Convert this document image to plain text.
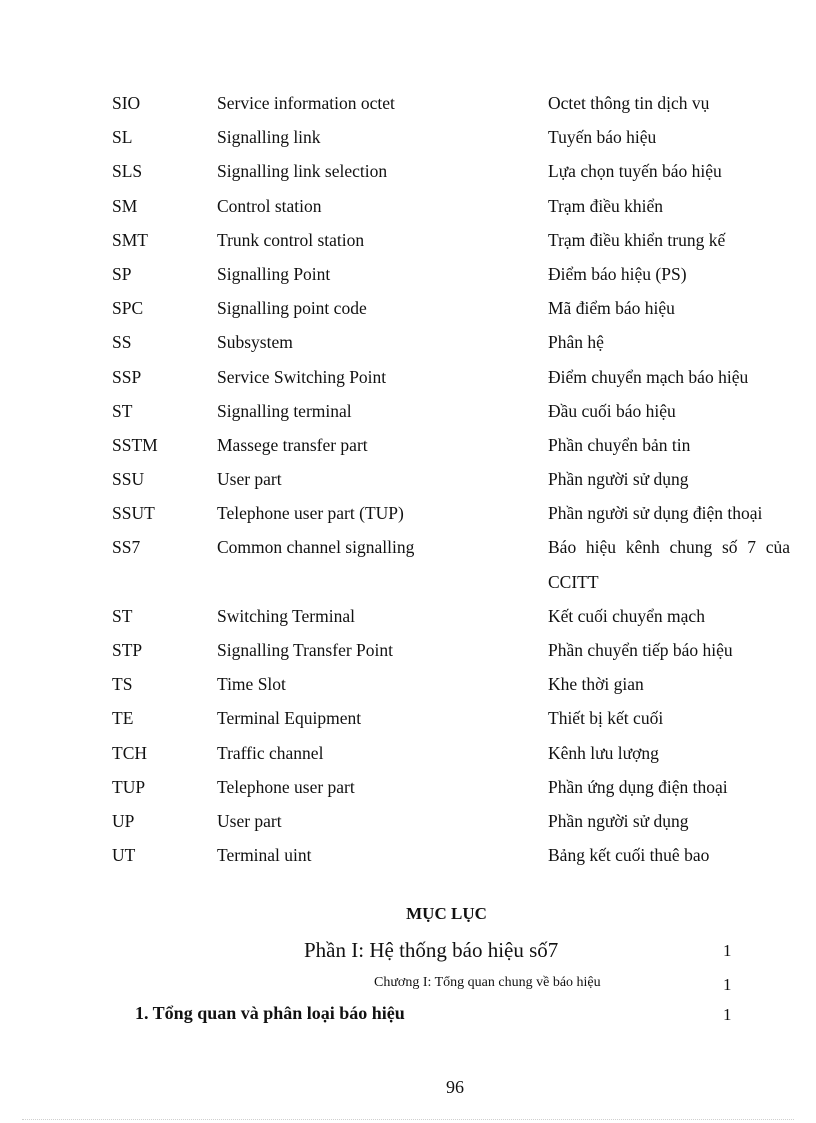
SIO	Service information octet	Octet thông tin dịch vụ
SL	Signalling link	Tuyến báo hiệu
SLS	Signalling link selection	Lựa chọn tuyến báo hiệu
SM	Control station	Trạm điều khiển
SMT	Trunk control station	Trạm điều khiển trung kế
SP	Signalling Point	Điểm báo hiệu (PS)
SPC	Signalling point code	Mã điểm báo hiệu
SS	Subsystem	Phân hệ
SSP	Service Switching Point	Điểm chuyển mạch báo hiệu
ST	Signalling terminal	Đầu cuối báo hiệu
SSTM	Massege transfer part	Phần chuyển bản tin
SSU	User part	Phần người sử dụng
SSUT	Telephone user part (TUP)	Phần người sử dụng điện thoại
SS7	Common channel signalling	Báo hiệu kênh chung số 7 của CCITT
ST	Switching Terminal	Kết cuối chuyển mạch
STP	Signalling Transfer Point	Phần chuyển tiếp báo hiệu
TS	Time Slot	Khe thời gian
TE	Terminal Equipment	Thiết bị kết cuối
TCH	Traffic channel	Kênh lưu lượng
TUP	Telephone user part	Phần ứng dụng điện thoại
UP	User part	Phần người sử dụng
UT	Terminal uint	Bảng kết cuối thuê bao
MỤC LỤC
Phần I: Hệ thống báo hiệu số7	1
Chương I: Tổng quan chung về báo hiệu	1
1. Tổng quan và phân loại báo hiệu	1
96
